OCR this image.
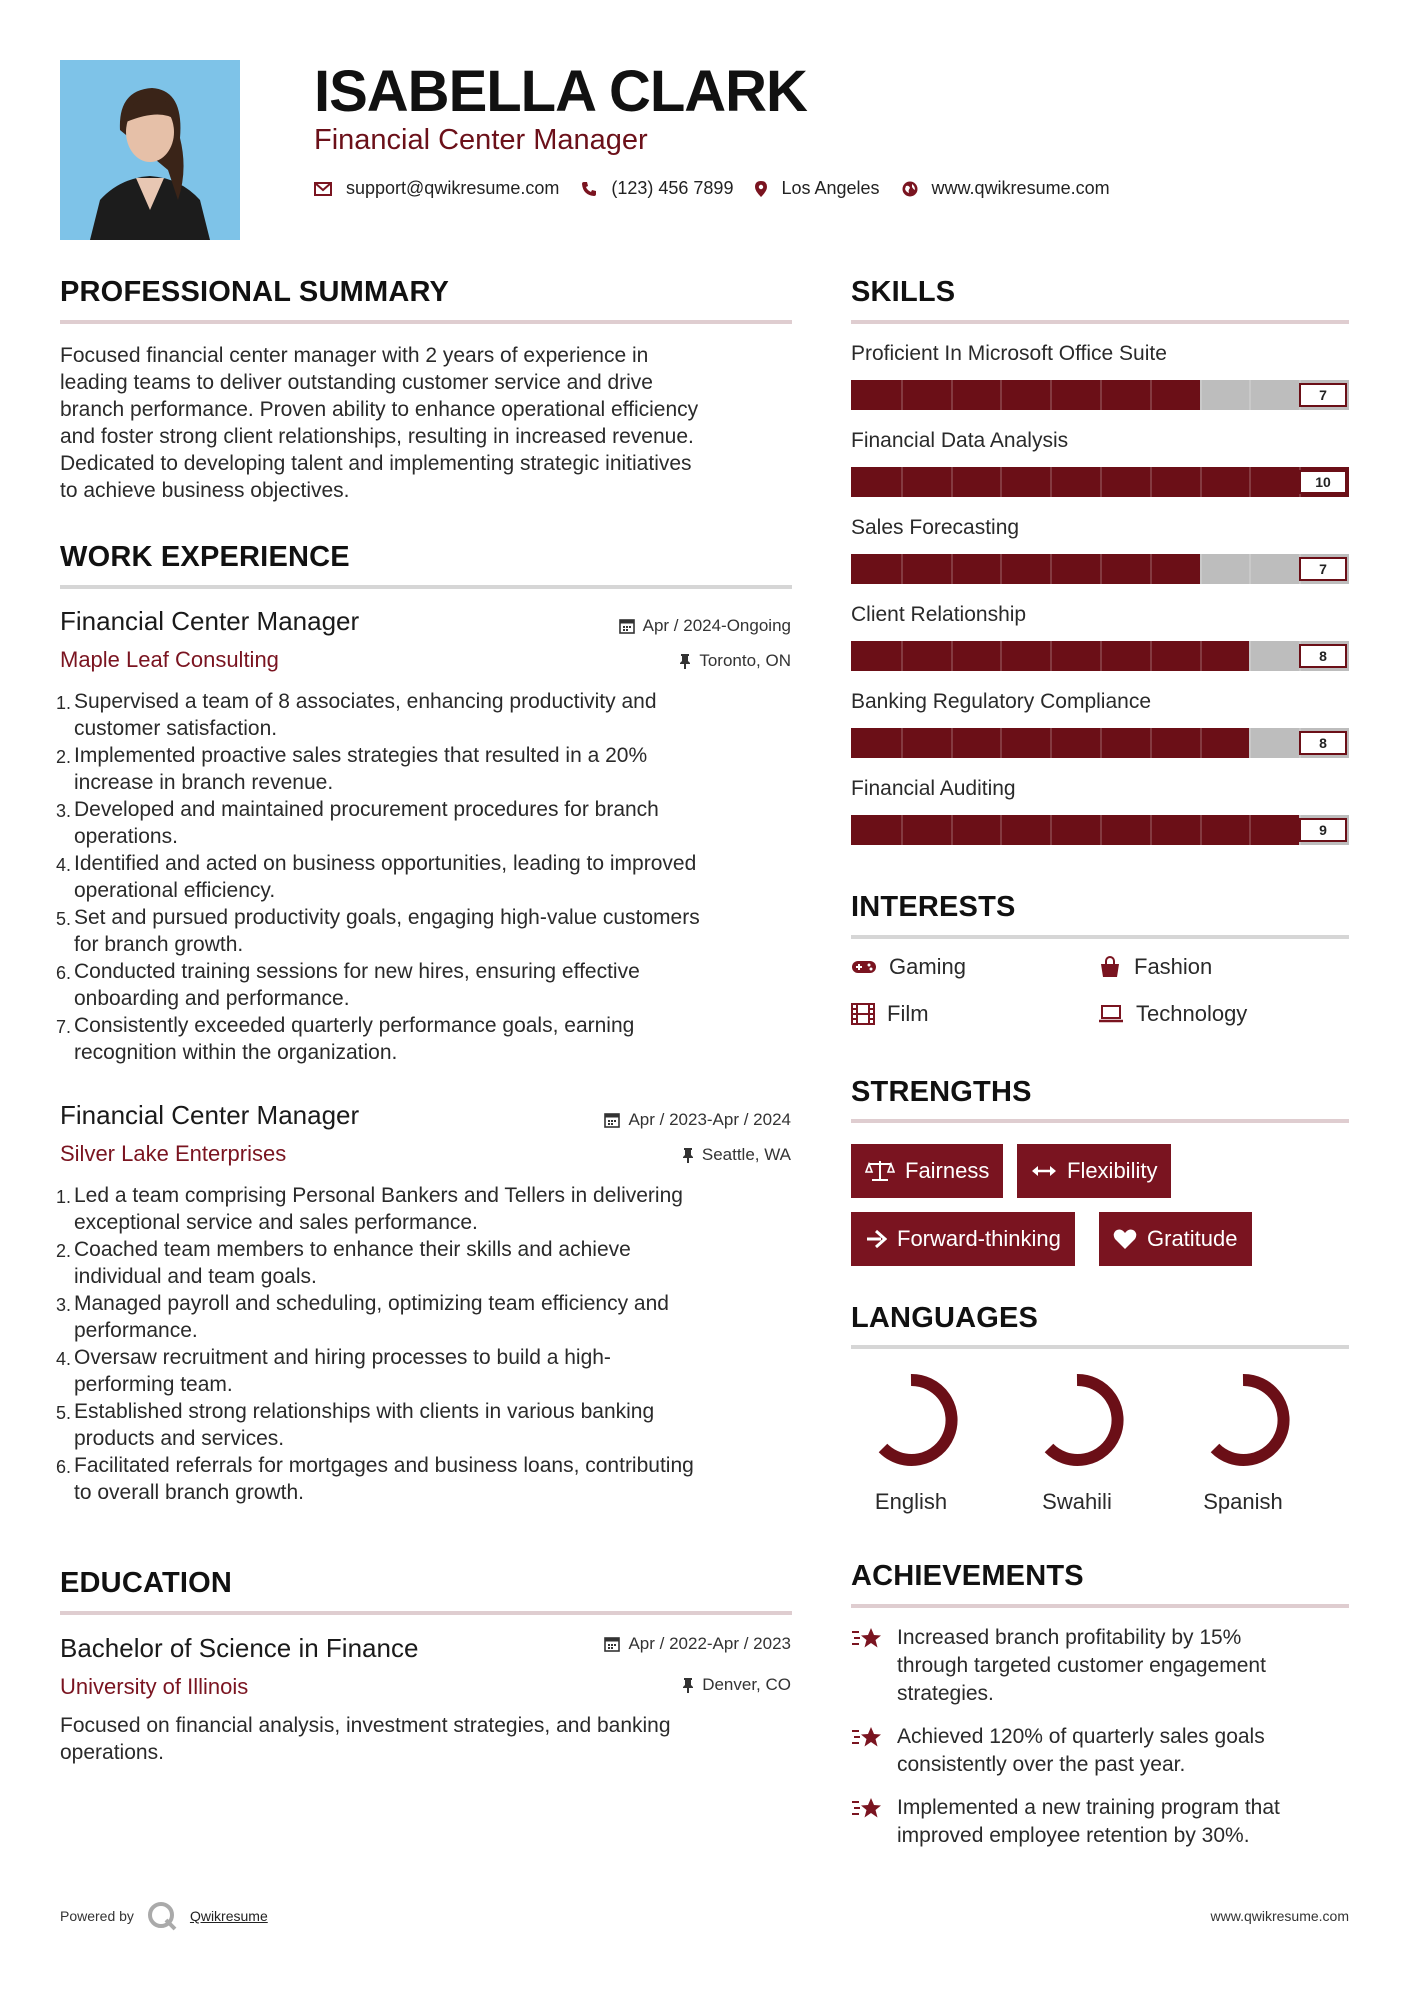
ISABELLA CLARK
Financial Center Manager
support@qwikresume.com	(123) 456 7899	Los Angeles	www.qwikresume.com
PROFESSIONAL SUMMARY
Focused financial center manager with 2 years of experience in
leading teams to deliver outstanding customer service and drive
branch performance. Proven ability to enhance operational efficiency
and foster strong client relationships, resulting in increased revenue.
Dedicated to developing talent and implementing strategic initiatives
to achieve business objectives.
WORK EXPERIENCE
Financial Center Manager	Apr / 2024-Ongoing
Maple Leaf Consulting	Toronto, ON
1. Supervised a team of 8 associates, enhancing productivity and
customer satisfaction.
2. Implemented proactive sales strategies that resulted in a 20%
increase in branch revenue.
3. Developed and maintained procurement procedures for branch
operations.
4. Identified and acted on business opportunities, leading to improved
operational efficiency.
5. Set and pursued productivity goals, engaging high-value customers
for branch growth.
6. Conducted training sessions for new hires, ensuring effective
onboarding and performance.
7. Consistently exceeded quarterly performance goals, earning
recognition within the organization.
Financial Center Manager	Apr / 2023-Apr / 2024
Silver Lake Enterprises	Seattle, WA
1. Led a team comprising Personal Bankers and Tellers in delivering
exceptional service and sales performance.
2. Coached team members to enhance their skills and achieve
individual and team goals.
3. Managed payroll and scheduling, optimizing team efficiency and
performance.
4. Oversaw recruitment and hiring processes to build a high-
performing team.
5. Established strong relationships with clients in various banking
products and services.
6. Facilitated referrals for mortgages and business loans, contributing
to overall branch growth.
EDUCATION
Bachelor of Science in Finance	Apr / 2022-Apr / 2023
University of Illinois	Denver, CO
Focused on financial analysis, investment strategies, and banking
operations.
SKILLS
Proficient In Microsoft Office Suite
7
Financial Data Analysis
10
Sales Forecasting
7
Client Relationship
8
Banking Regulatory Compliance
8
Financial Auditing
9
INTERESTS
Gaming	Fashion
Film	Technology
STRENGTHS
Fairness	Flexibility
Forward-thinking	Gratitude
LANGUAGES
English	Swahili	Spanish
ACHIEVEMENTS
Increased branch profitability by 15%
through targeted customer engagement
strategies.
Achieved 120% of quarterly sales goals
consistently over the past year.
Implemented a new training program that
improved employee retention by 30%.
Powered by	Qwikresume	www.qwikresume.com
